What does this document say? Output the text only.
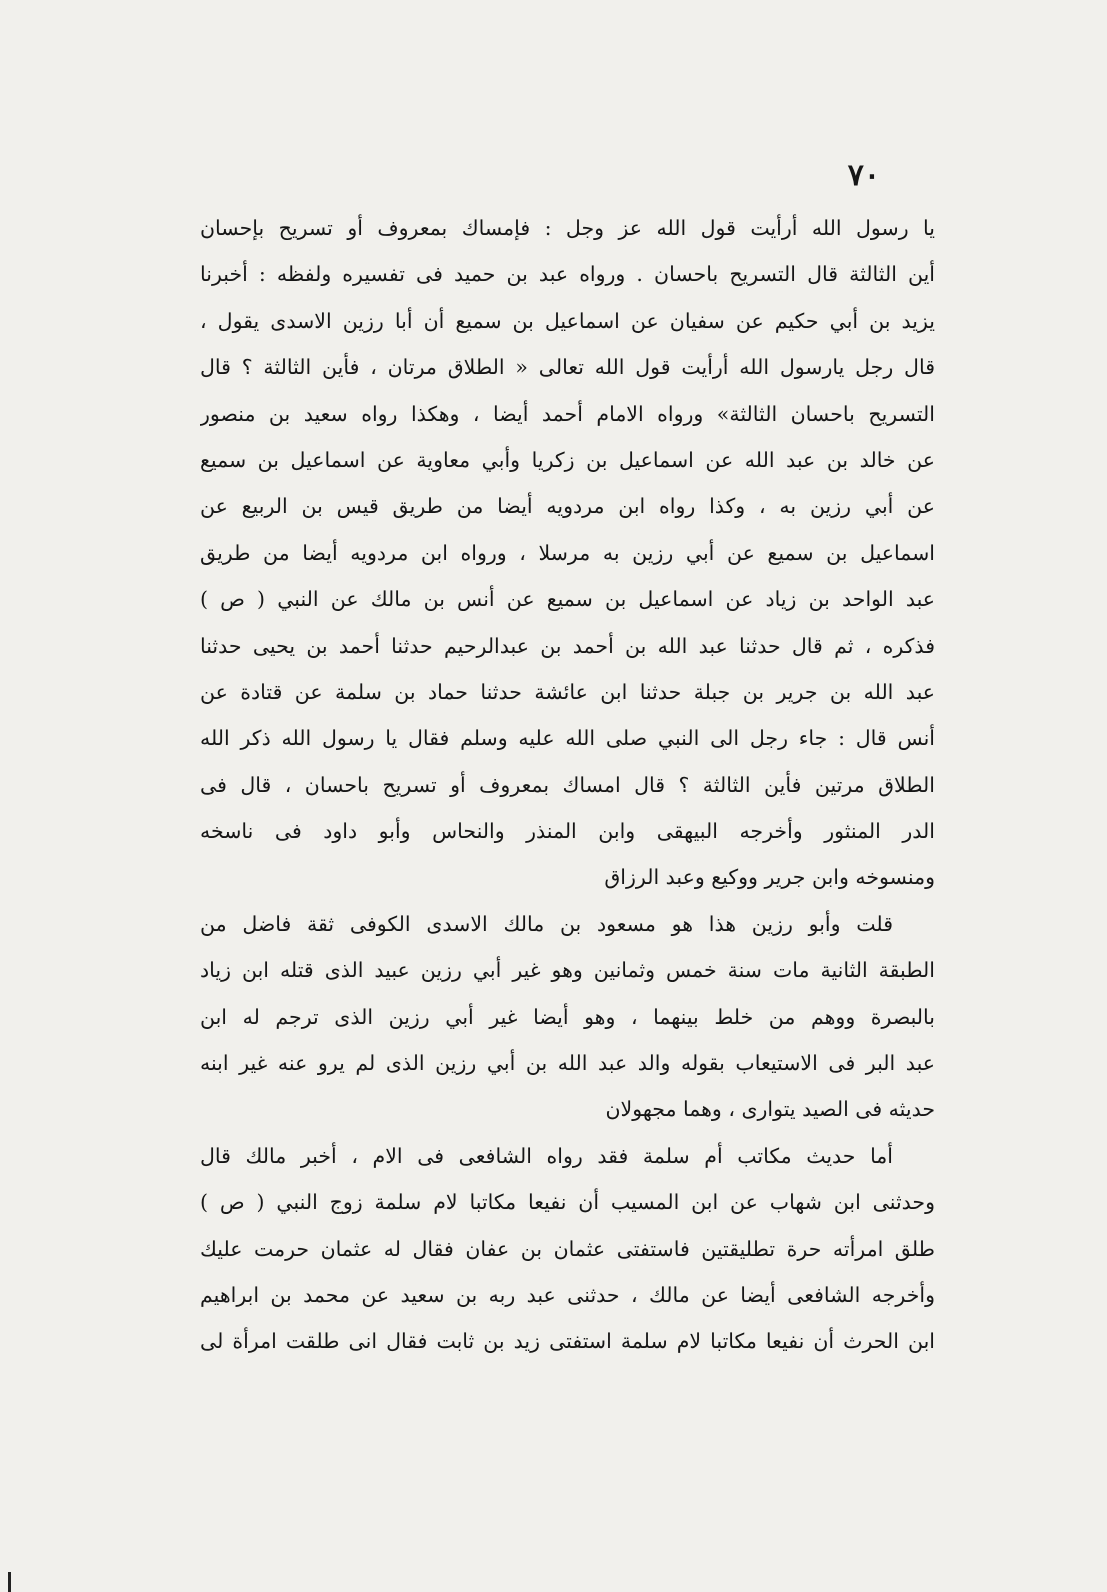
٧٠
يا رسول الله أرأيت قول الله عز وجل : فإمساك بمعروف أو تسريح بإحسان
أين الثالثة قال التسريح باحسان . ورواه عبد بن حميد فى تفسيره ولفظه : أخبرنا
يزيد بن أبي حكيم عن سفيان عن اسماعيل بن سميع أن أبا رزين الاسدى يقول ،
قال رجل يارسول الله أرأيت قول الله تعالى « الطلاق مرتان ، فأين الثالثة ؟ قال
التسريح باحسان الثالثة» ورواه الامام أحمد أيضا ، وهكذا رواه سعيد بن منصور
عن خالد بن عبد الله عن اسماعيل بن زكريا وأبي معاوية عن اسماعيل بن سميع
عن أبي رزين به ، وكذا رواه ابن مردويه أيضا من طريق قيس بن الربيع عن
اسماعيل بن سميع عن أبي رزين به مرسلا ، ورواه ابن مردويه أيضا من طريق
عبد الواحد بن زياد عن اسماعيل بن سميع عن أنس بن مالك عن النبي ( ص )
فذكره ، ثم قال حدثنا عبد الله بن أحمد بن عبدالرحيم حدثنا أحمد بن يحيى حدثنا
عبد الله بن جرير بن جبلة حدثنا ابن عائشة حدثنا حماد بن سلمة عن قتادة عن
أنس قال : جاء رجل الى النبي صلى الله عليه وسلم فقال يا رسول الله ذكر الله
الطلاق مرتين فأين الثالثة ؟ قال امساك بمعروف أو تسريح باحسان ، قال فى
الدر المنثور وأخرجه البيهقى وابن المنذر والنحاس وأبو داود فى ناسخه
ومنسوخه وابن جرير ووكيع وعبد الرزاق
قلت وأبو رزين هذا هو مسعود بن مالك الاسدى الكوفى ثقة فاضل من
الطبقة الثانية مات سنة خمس وثمانين وهو غير أبي رزين عبيد الذى قتله ابن زياد
بالبصرة ووهم من خلط بينهما ، وهو أيضا غير أبي رزين الذى ترجم له ابن
عبد البر فى الاستيعاب بقوله والد عبد الله بن أبي رزين الذى لم يرو عنه غير ابنه
حديثه فى الصيد يتوارى ، وهما مجهولان
أما حديث مكاتب أم سلمة فقد رواه الشافعى فى الام ، أخبر مالك قال
وحدثنى ابن شهاب عن ابن المسيب أن نفيعا مكاتبا لام سلمة زوج النبي ( ص )
طلق امرأته حرة تطليقتين فاستفتى عثمان بن عفان فقال له عثمان حرمت عليك
وأخرجه الشافعى أيضا عن مالك ، حدثنى عبد ربه بن سعيد عن محمد بن ابراهيم
ابن الحرث أن نفيعا مكاتبا لام سلمة استفتى زيد بن ثابت فقال انى طلقت امرأة لى
